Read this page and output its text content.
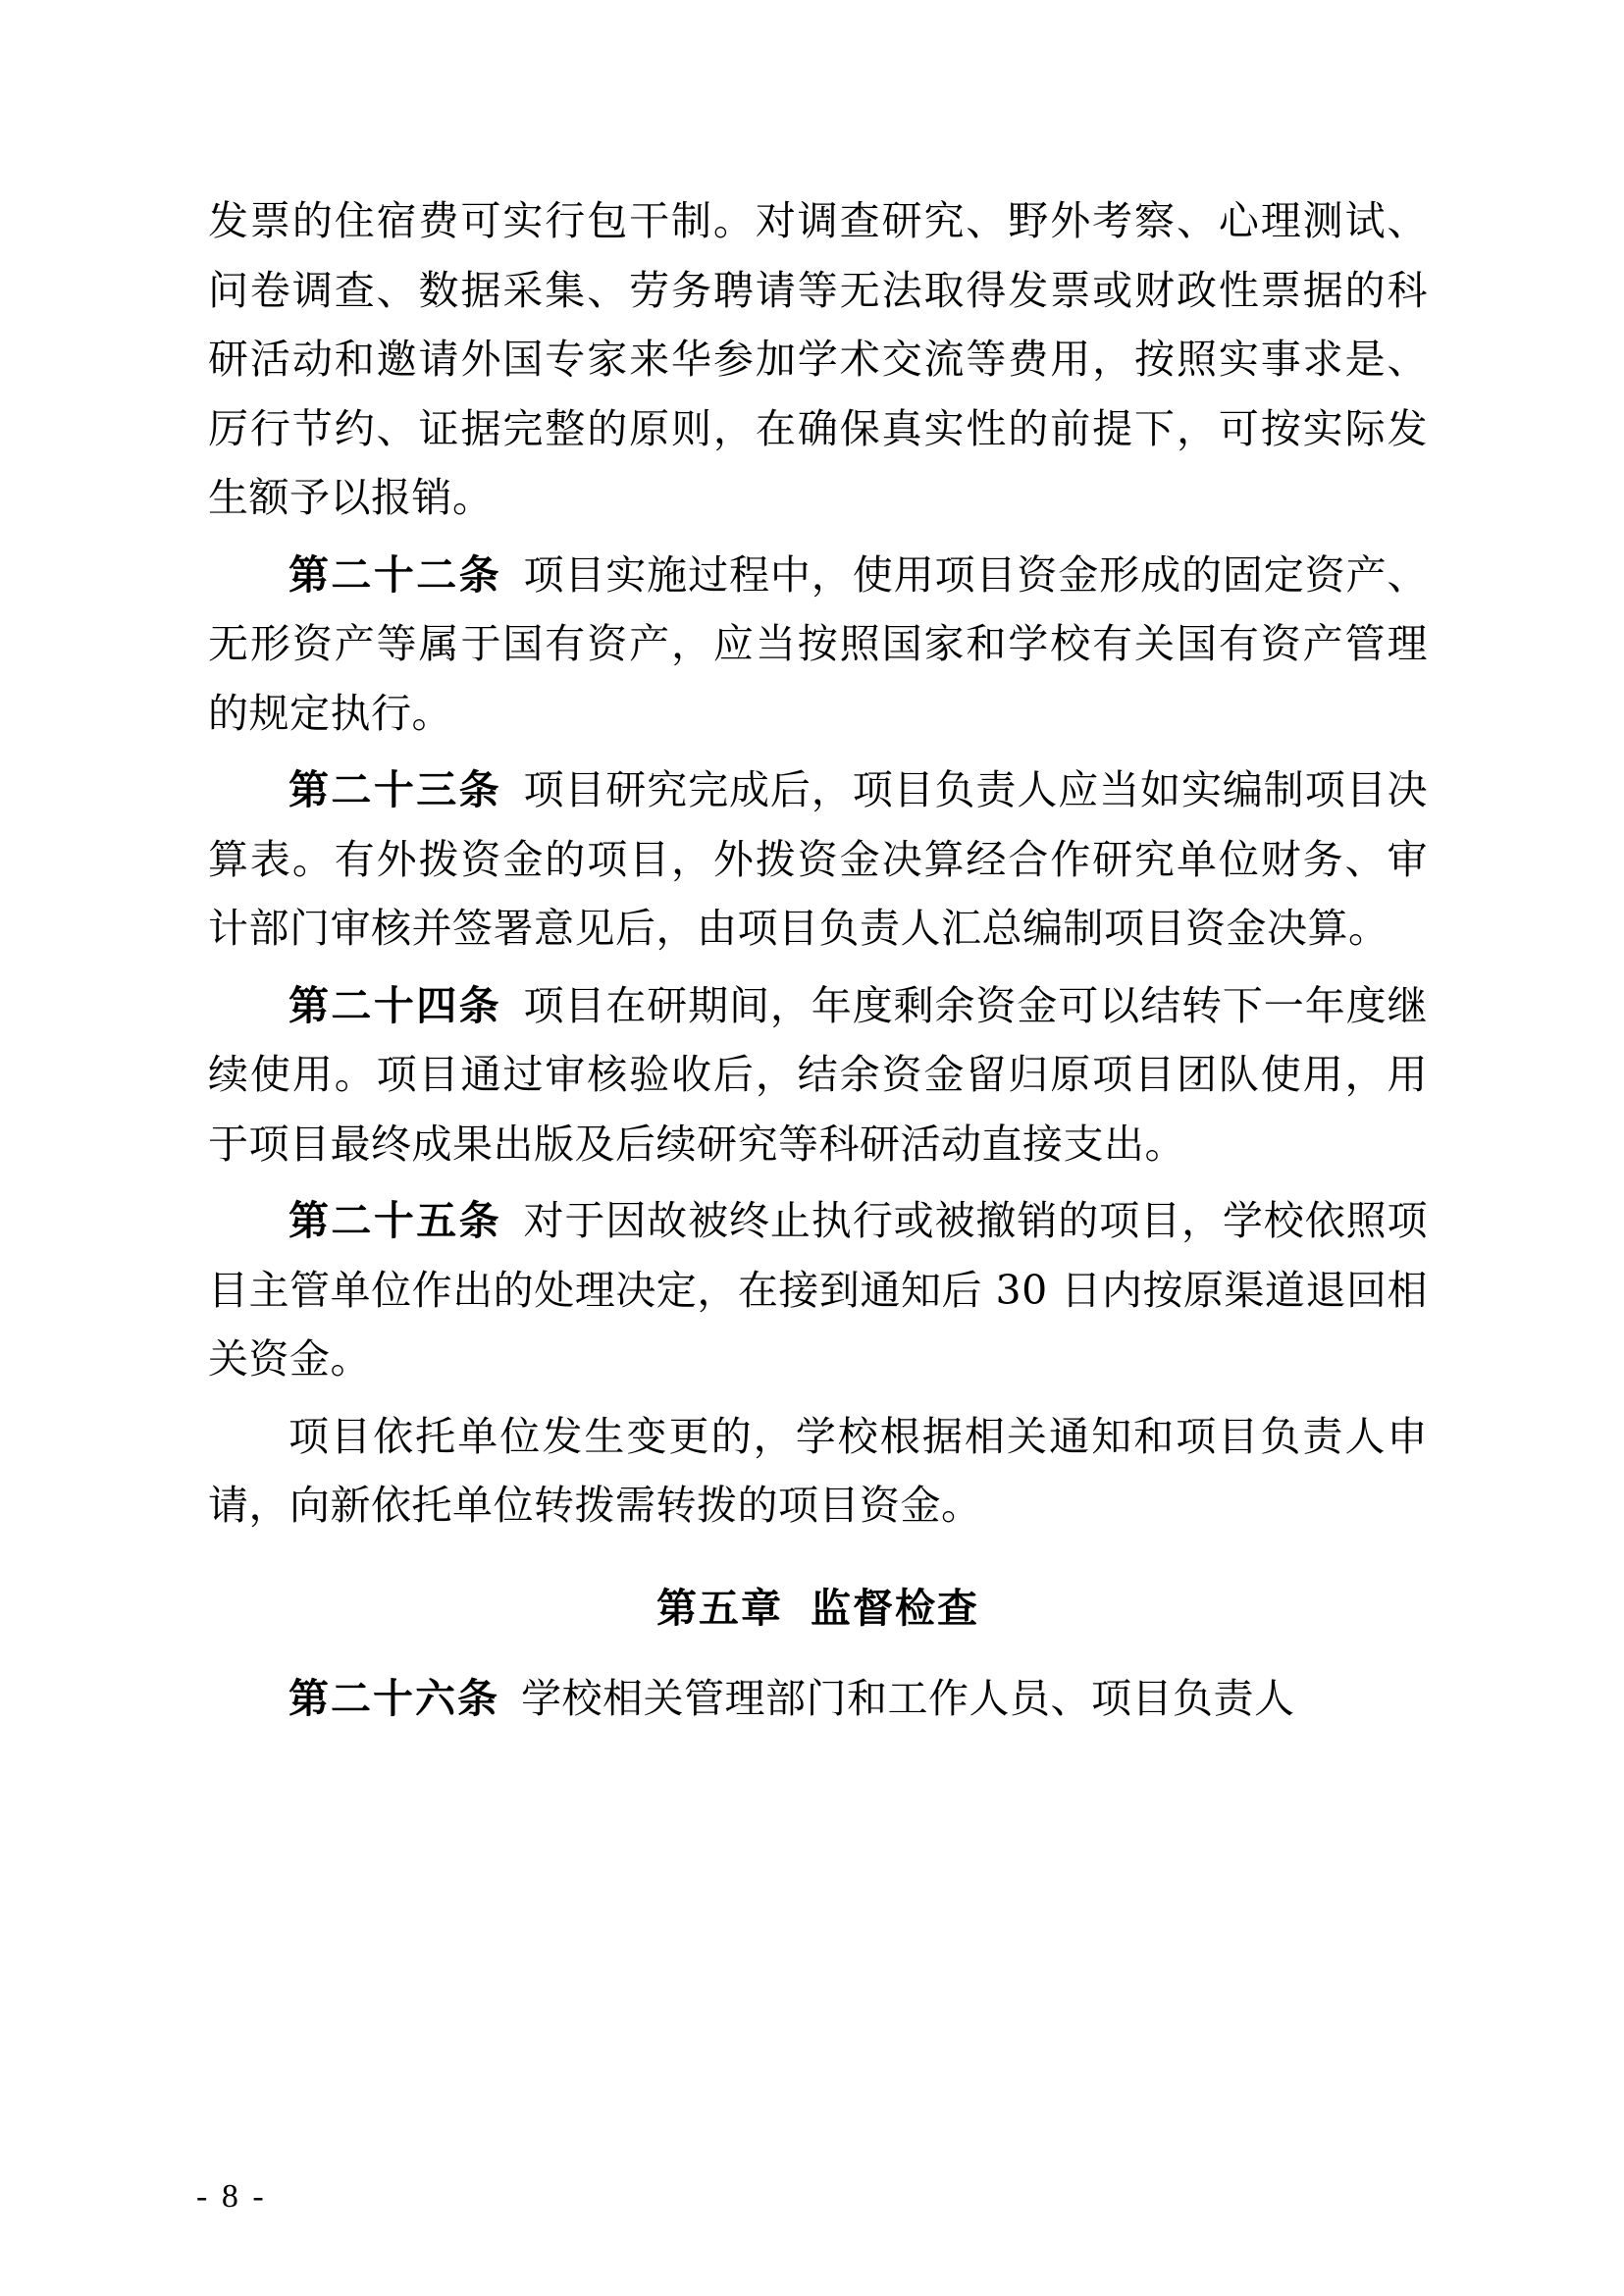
发票的住宿费可实行包干制。对调查研究、野外考察、心理测试、问卷调查、数据采集、劳务聘请等无法取得发票或财政性票据的科研活动和邀请外国专家来华参加学术交流等费用，按照实事求是、厉行节约、证据完整的原则，在确保真实性的前提下，可按实际发生额予以报销。

第二十二条 项目实施过程中，使用项目资金形成的固定资产、无形资产等属于国有资产，应当按照国家和学校有关国有资产管理的规定执行。

第二十三条 项目研究完成后，项目负责人应当如实编制项目决算表。有外拨资金的项目，外拨资金决算经合作研究单位财务、审计部门审核并签署意见后，由项目负责人汇总编制项目资金决算。

第二十四条 项目在研期间，年度剩余资金可以结转下一年度继续使用。项目通过审核验收后，结余资金留归原项目团队使用，用于项目最终成果出版及后续研究等科研活动直接支出。

第二十五条 对于因故被终止执行或被撤销的项目，学校依照项目主管单位作出的处理决定，在接到通知后 30 日内按原渠道退回相关资金。

项目依托单位发生变更的，学校根据相关通知和项目负责人申请，向新依托单位转拨需转拨的项目资金。

第五章 监督检查

第二十六条 学校相关管理部门和工作人员、项目负责人

- 8 -
